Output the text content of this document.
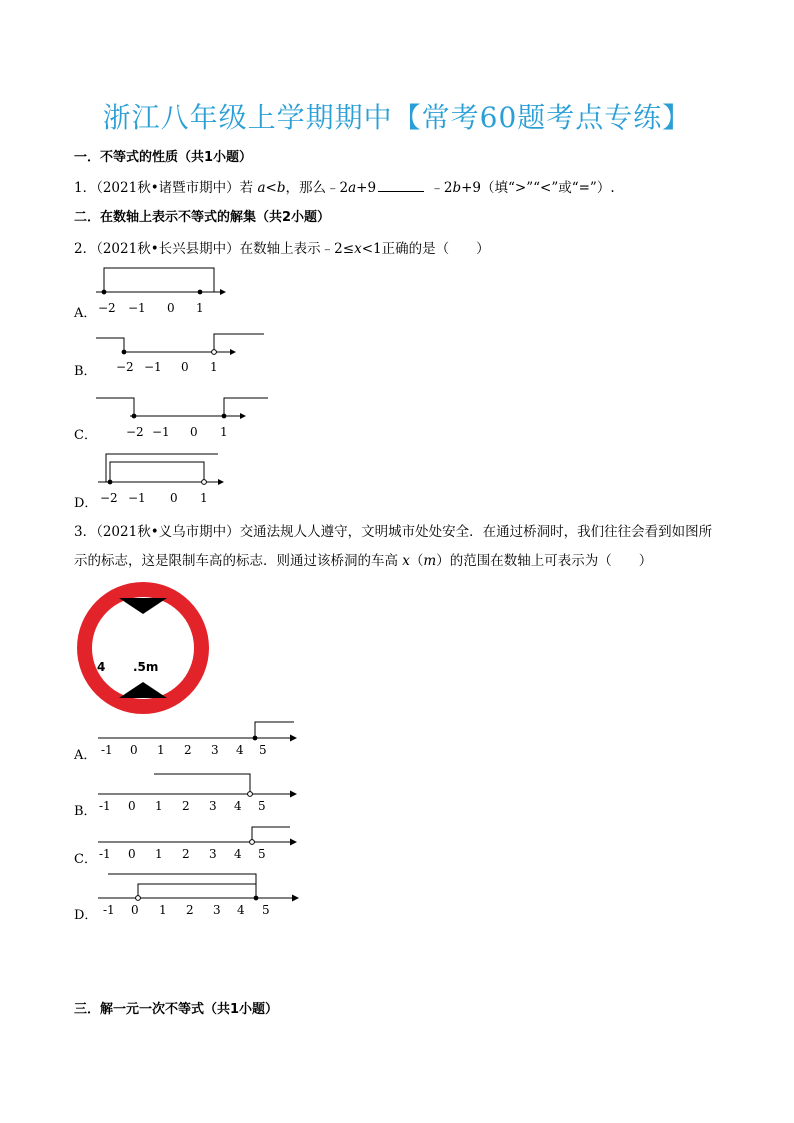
浙江八年级上学期期中【常考60题考点专练】
一．不等式的性质（共1小题）
1．（2021秋•诸暨市期中）若 a<b，那么﹣2a+9	﹣2b+9（填“>”“<”或“=”）.
二．在数轴上表示不等式的解集（共2小题）
2．（2021秋•长兴县期中）在数轴上表示﹣2≤x<1正确的是（　　）
A． −2 −1 0 1
B． −2 −1 0 1
C． −2 −1 0 1
D． −2 −1 0 1
3．（2021秋•义乌市期中）交通法规人人遵守，文明城市处处安全．在通过桥洞时，我们往往会看到如图所
示的标志，这是限制车高的标志．则通过该桥洞的车高 x（m）的范围在数轴上可表示为（　　）
4 .5m
A． -1 0 1 2 3 4 5
B． -1 0 1 2 3 4 5
C． -1 0 1 2 3 4 5
D． -1 0 1 2 3 4 5
三．解一元一次不等式（共1小题）
